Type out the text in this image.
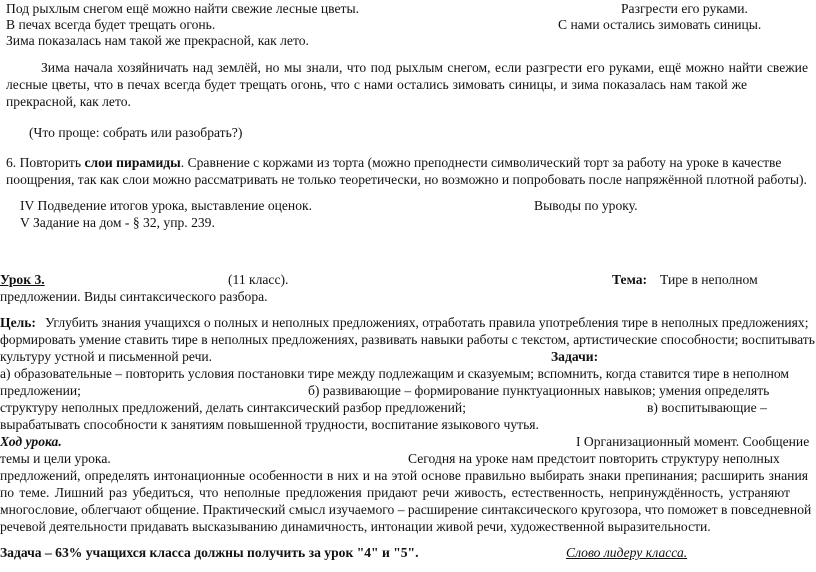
Под рыхлым снегом ещё можно найти свежие лесные цветы.	Разгрести его руками.
В печах всегда будет трещать огонь.	С нами остались зимовать синицы.
Зима показалась нам такой же прекрасной, как лето.
Зима начала хозяйничать над землёй, но мы знали, что под рыхлым снегом, если разгрести его руками, ещё можно найти свежие
лесные цветы, что в печах всегда будет трещать огонь, что с нами остались зимовать синицы, и зима показалась нам такой же
прекрасной, как лето.
(Что проще: собрать или разобрать?)
6. Повторить слои пирамиды. Сравнение с коржами из торта (можно преподнести символический торт за работу на уроке в качестве
поощрения, так как слои можно рассматривать не только теоретически, но возможно и попробовать после напряжённой плотной работы).
IV Подведение итогов урока, выставление оценок.	Выводы по уроку.
V Задание на дом - § 32, упр. 239.
Урок 3.	(11 класс).	Тема: Тире в неполном
предложении. Виды синтаксического разбора.
Цель: Углубить знания учащихся о полных и неполных предложениях, отработать правила употребления тире в неполных предложениях;
формировать умение ставить тире в неполных предложениях, развивать навыки работы с текстом, артистические способности; воспитывать
культуру устной и письменной речи.	Задачи:
а) образовательные – повторить условия постановки тире между подлежащим и сказуемым; вспомнить, когда ставится тире в неполном
предложении;	б) развивающие – формирование пунктуационных навыков; умения определять
структуру неполных предложений, делать синтаксический разбор предложений;	в) воспитывающие –
вырабатывать способности к занятиям повышенной трудности, воспитание языкового чутья.
Ход урока.	I Организационный момент. Сообщение
темы и цели урока.	Сегодня на уроке нам предстоит повторить структуру неполных
предложений, определять интонационные особенности в них и на этой основе правильно выбирать знаки препинания; расширить знания
по теме. Лишний раз убедиться, что неполные предложения придают речи живость, естественность, непринуждённость, устраняют
многословие, облегчают общение. Практический смысл изучаемого – расширение синтаксического кругозора, что поможет в повседневной
речевой деятельности придавать высказыванию динамичность, интонации живой речи, художественной выразительности.
Задача – 63% учащихся класса должны получить за урок "4" и "5".	Слово лидеру класса.
